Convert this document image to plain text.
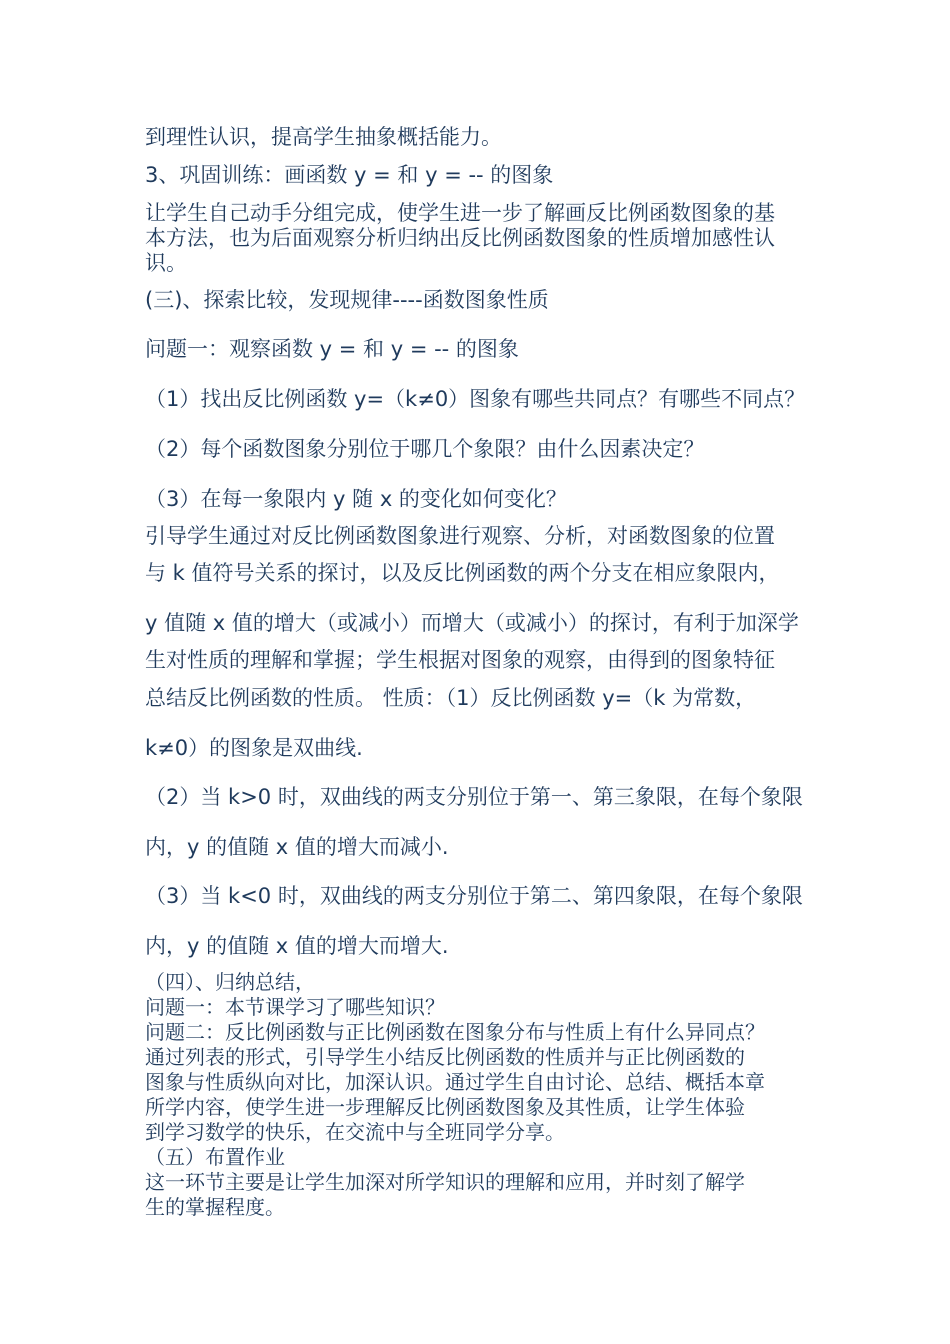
到理性认识，提高学生抽象概括能力。
3、巩固训练：画函数 y = 和 y = -- 的图象
让学生自己动手分组完成，使学生进一步了解画反比例函数图象的基
本方法，也为后面观察分析归纳出反比例函数图象的性质增加感性认
识。
(三)、探索比较，发现规律----函数图象性质
问题一：观察函数 y = 和 y = -- 的图象
（1）找出反比例函数 y=（k≠0）图象有哪些共同点？有哪些不同点？
（2）每个函数图象分别位于哪几个象限？由什么因素决定？
（3）在每一象限内 y 随 x 的变化如何变化？
引导学生通过对反比例函数图象进行观察、分析，对函数图象的位置
与 k 值符号关系的探讨，以及反比例函数的两个分支在相应象限内，
y 值随 x 值的增大（或减小）而增大（或减小）的探讨，有利于加深学
生对性质的理解和掌握；学生根据对图象的观察，由得到的图象特征
总结反比例函数的性质。 性质：（1）反比例函数 y=（k 为常数，
k≠0）的图象是双曲线.
（2）当 k>0 时，双曲线的两支分别位于第一、第三象限，在每个象限
内，y 的值随 x 值的增大而减小.
（3）当 k<0 时，双曲线的两支分别位于第二、第四象限，在每个象限
内，y 的值随 x 值的增大而增大.
（四）、归纳总结，
问题一：本节课学习了哪些知识？
问题二：反比例函数与正比例函数在图象分布与性质上有什么异同点？
通过列表的形式，引导学生小结反比例函数的性质并与正比例函数的
图象与性质纵向对比，加深认识。通过学生自由讨论、总结、概括本章
所学内容，使学生进一步理解反比例函数图象及其性质，让学生体验
到学习数学的快乐，在交流中与全班同学分享。
（五）布置作业
这一环节主要是让学生加深对所学知识的理解和应用，并时刻了解学
生的掌握程度。
